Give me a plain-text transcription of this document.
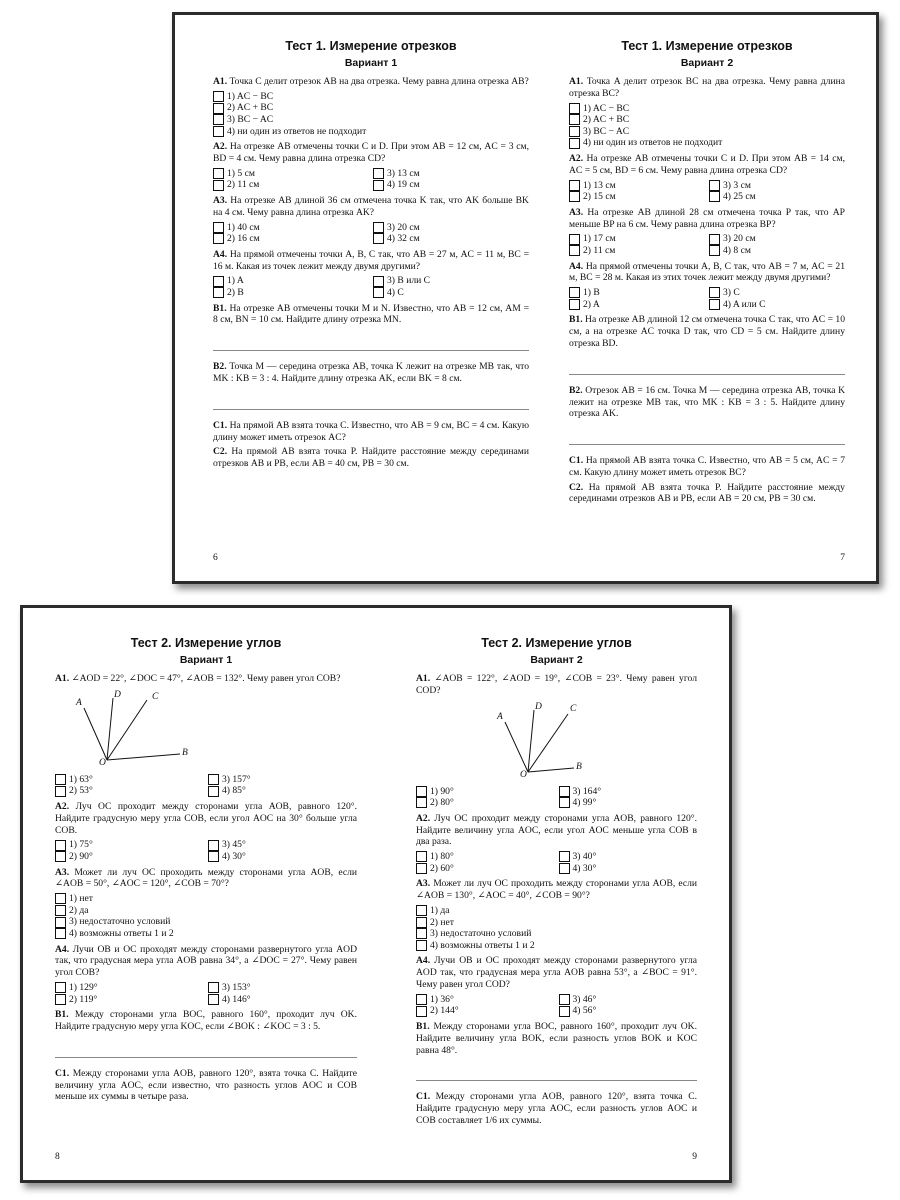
Тест 1. Измерение отрезков
Вариант 1

A1. Точка C делит отрезок AB на два отрезка. Чему равна длина отрезка AB?

1) AC − BC
2) AC + BC
3) BC − AC
4) ни один из ответов не подходит

A2. На отрезке AB отмечены точки C и D. При этом AB = 12 см, AC = 3 см, BD = 4 см. Чему равна длина отрезка CD?

1) 5 см	3) 13 см
2) 11 см	4) 19 см

A3. На отрезке AB длиной 36 см отмечена точка K так, что AK больше BK на 4 см. Чему равна длина отрезка AK?

1) 40 см	3) 20 см
2) 16 см	4) 32 см

A4. На прямой отмечены точки A, B, C так, что AB = 27 м, AC = 11 м, BC = 16 м. Какая из точек лежит между двумя другими?

1) A	3) B или C
2) B	4) C

B1. На отрезке AB отмечены точки M и N. Известно, что AB = 12 см, AM = 8 см, BN = 10 см. Найдите длину отрезка MN.

B2. Точка M — середина отрезка AB, точка K лежит на отрезке MB так, что MK : KB = 3 : 4. Найдите длину отрезка AK, если BK = 8 см.

C1. На прямой AB взята точка C. Известно, что AB = 9 см, BC = 4 см. Какую длину может иметь отрезок AC?

C2. На прямой AB взята точка P. Найдите расстояние между серединами отрезков AB и PB, если AB = 40 см, PB = 30 см.

6
Тест 1. Измерение отрезков
Вариант 2

A1. Точка A делит отрезок BC на два отрезка. Чему равна длина отрезка BC?

1) AC − BC
2) AC + BC
3) BC − AC
4) ни один из ответов не подходит

A2. На отрезке AB отмечены точки C и D. При этом AB = 14 см, AC = 5 см, BD = 6 см. Чему равна длина отрезка CD?

1) 13 см	3) 3 см
2) 15 см	4) 25 см

A3. На отрезке AB длиной 28 см отмечена точка P так, что AP меньше BP на 6 см. Чему равна длина отрезка BP?

1) 17 см	3) 20 см
2) 11 см	4) 8 см

A4. На прямой отмечены точки A, B, C так, что AB = 7 м, AC = 21 м, BC = 28 м. Какая из этих точек лежит между двумя другими?

1) B	3) C
2) A	4) A или C

B1. На отрезке AB длиной 12 см отмечена точка C так, что AC = 10 см, а на отрезке AC точка D так, что CD = 5 см. Найдите длину отрезка BD.

B2. Отрезок AB = 16 см. Точка M — середина отрезка AB, точка K лежит на отрезке MB так, что MK : KB = 3 : 5. Найдите длину отрезка AK.

C1. На прямой AB взята точка C. Известно, что AB = 5 см, AC = 7 см. Какую длину может иметь отрезок BC?

C2. На прямой AB взята точка P. Найдите расстояние между серединами отрезков AB и PB, если AB = 20 см, PB = 30 см.

7
Тест 2. Измерение углов
Вариант 1

A1. ∠AOD = 22°, ∠DOC = 47°, ∠AOB = 132°. Чему равен угол COB?

A
D	C
O
B
1) 63°	3) 157°
2) 53°	4) 85°

A2. Луч OC проходит между сторонами угла AOB, равного 120°. Найдите градусную меру угла COB, если угол AOC на 30° больше угла COB.

1) 75°	3) 45°
2) 90°	4) 30°

A3. Может ли луч OC проходить между сторонами угла AOB, если ∠AOB = 50°, ∠AOC = 120°, ∠COB = 70°?

1) нет
2) да
3) недостаточно условий
4) возможны ответы 1 и 2

A4. Лучи OB и OC проходят между сторонами развернутого угла AOD так, что градусная мера угла AOB равна 34°, а ∠DOC = 27°. Чему равен угол COB?

1) 129°	3) 153°
2) 119°	4) 146°

B1. Между сторонами угла BOC, равного 160°, проходит луч OK. Найдите градусную меру угла KOC, если ∠BOK : ∠KOC = 3 : 5.

C1. Между сторонами угла AOB, равного 120°, взята точка C. Найдите величину угла AOC, если известно, что разность углов AOC и COB меньше их суммы в четыре раза.

8
Тест 2. Измерение углов
Вариант 2

A1. ∠AOB = 122°, ∠AOD = 19°, ∠COB = 23°. Чему равен угол COD?

A
D	C
O
B
1) 90°	3) 164°
2) 80°	4) 99°

A2. Луч OC проходит между сторонами угла AOB, равного 120°. Найдите величину угла AOC, если угол AOC меньше угла COB в два раза.

1) 80°	3) 40°
2) 60°	4) 30°

A3. Может ли луч OC проходить между сторонами угла AOB, если ∠AOB = 130°, ∠AOC = 40°, ∠COB = 90°?

1) да
2) нет
3) недостаточно условий
4) возможны ответы 1 и 2

A4. Лучи OB и OC проходят между сторонами развернутого угла AOD так, что градусная мера угла AOB равна 53°, а ∠BOC = 91°. Чему равен угол COD?

1) 36°	3) 46°
2) 144°	4) 56°

B1. Между сторонами угла BOC, равного 160°, проходит луч OK. Найдите величину угла BOK, если разность углов BOK и KOC равна 48°.

C1. Между сторонами угла AOB, равного 120°, взята точка C. Найдите градусную меру угла AOC, если разность углов AOC и COB составляет 1/6 их суммы.

9
